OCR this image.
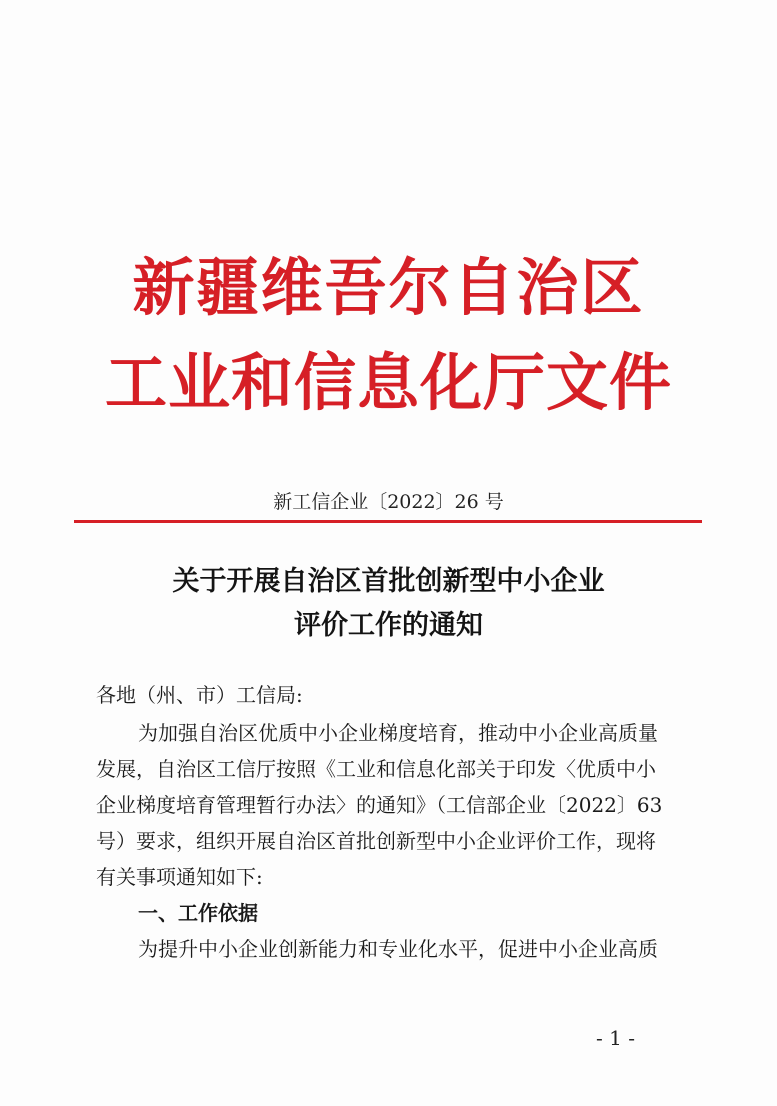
新疆维吾尔自治区
工业和信息化厅文件
新工信企业〔2022〕26 号
关于开展自治区首批创新型中小企业
评价工作的通知
各地（州、市）工信局:
为加强自治区优质中小企业梯度培育，推动中小企业高质量
发展，自治区工信厅按照《工业和信息化部关于印发〈优质中小
企业梯度培育管理暂行办法〉的通知》（工信部企业〔2022〕63
号）要求，组织开展自治区首批创新型中小企业评价工作，现将
有关事项通知如下:
一、工作依据
为提升中小企业创新能力和专业化水平，促进中小企业高质
- 1 -
